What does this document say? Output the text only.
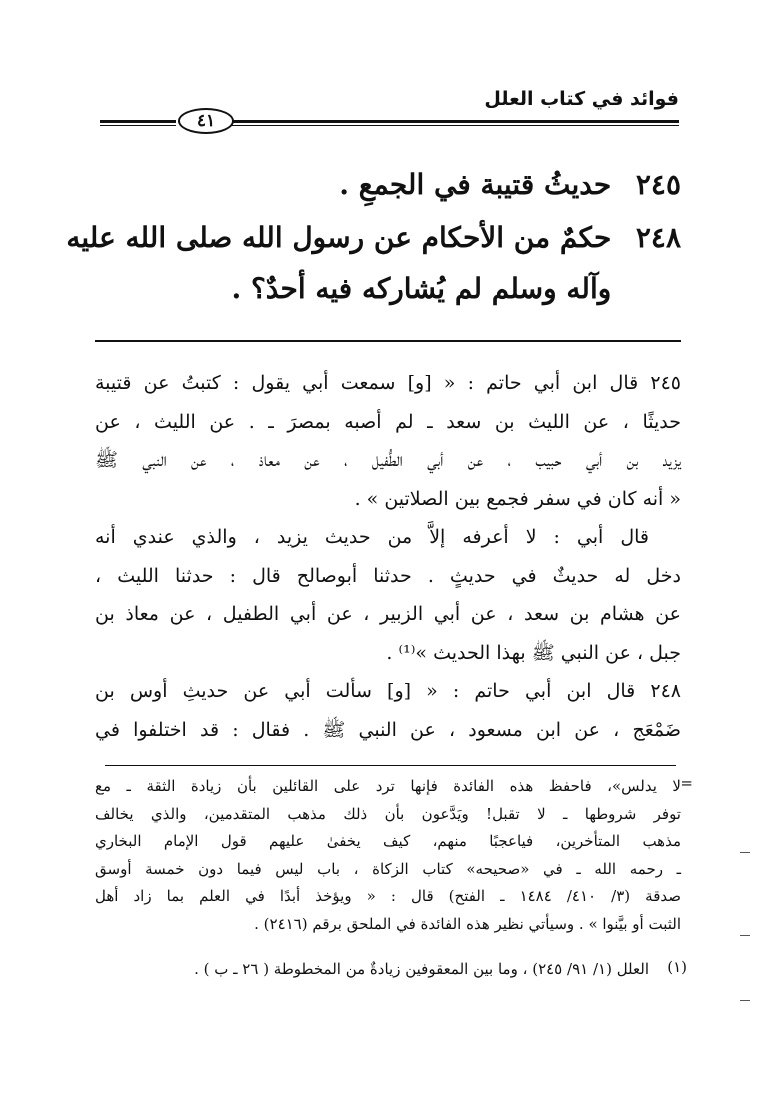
فوائد في كتاب العلل
٤١
٢٤٥ حديثُ قتيبة في الجمعِ .
٢٤٨ حكمٌ من الأحكام عن رسول الله صلى الله عليه
وآله وسلم لم يُشاركه فيه أحدٌ؟ .
٢٤٥ قال ابن أبي حاتم : « [و] سمعت أبي يقول : كتبتُ عن قتيبة
حديثًا ، عن الليث بن سعد ـ لم أصبه بمصرَ ـ . عن الليث ، عن
يزيد بن أبي حبيب ، عن أبي الطُّفيل ، عن معاذ ، عن النبي ﷺ
« أنه كان في سفر فجمع بين الصلاتين » .
قال أبي : لا أعرفه إلاَّ من حديث يزيد ، والذي عندي أنه
دخل له حديثٌ في حديثٍ . حدثنا أبوصالح قال : حدثنا الليث ،
عن هشام بن سعد ، عن أبي الزبير ، عن أبي الطفيل ، عن معاذ بن
جبل ، عن النبي ﷺ بهذا الحديث »⁽¹⁾ .
٢٤٨ قال ابن أبي حاتم : « [و] سألت أبي عن حديثِ أوس بن
ضَمْعَج ، عن ابن مسعود ، عن النبي ﷺ . فقال : قد اختلفوا في
=
لا يدلس»، فاحفظ هذه الفائدة فإنها ترد على القائلين بأن زيادة الثقة ـ مع
توفر شروطها ـ لا تقبل! ويَدَّعون بأن ذلك مذهب المتقدمين، والذي يخالف
مذهب المتأخرين، فياعجبًا منهم، كيف يخفىٰ عليهم قول الإمام البخاري
ـ رحمه الله ـ في «صحيحه» كتاب الزكاة ، باب ليس فيما دون خمسة أوسق
صدقة (٣/ ٤١٠/ ١٤٨٤ ـ الفتح) قال : « ويؤخذ أبدًا في العلم بما زاد أهل
الثبت أو بيَّنوا » . وسيأتي نظير هذه الفائدة في الملحق برقم (٢٤١٦) .
(١)
العلل (١/ ٩١/ ٢٤٥) ، وما بين المعقوفين زيادةٌ من المخطوطة ( ٢٦ ـ ب ) .
